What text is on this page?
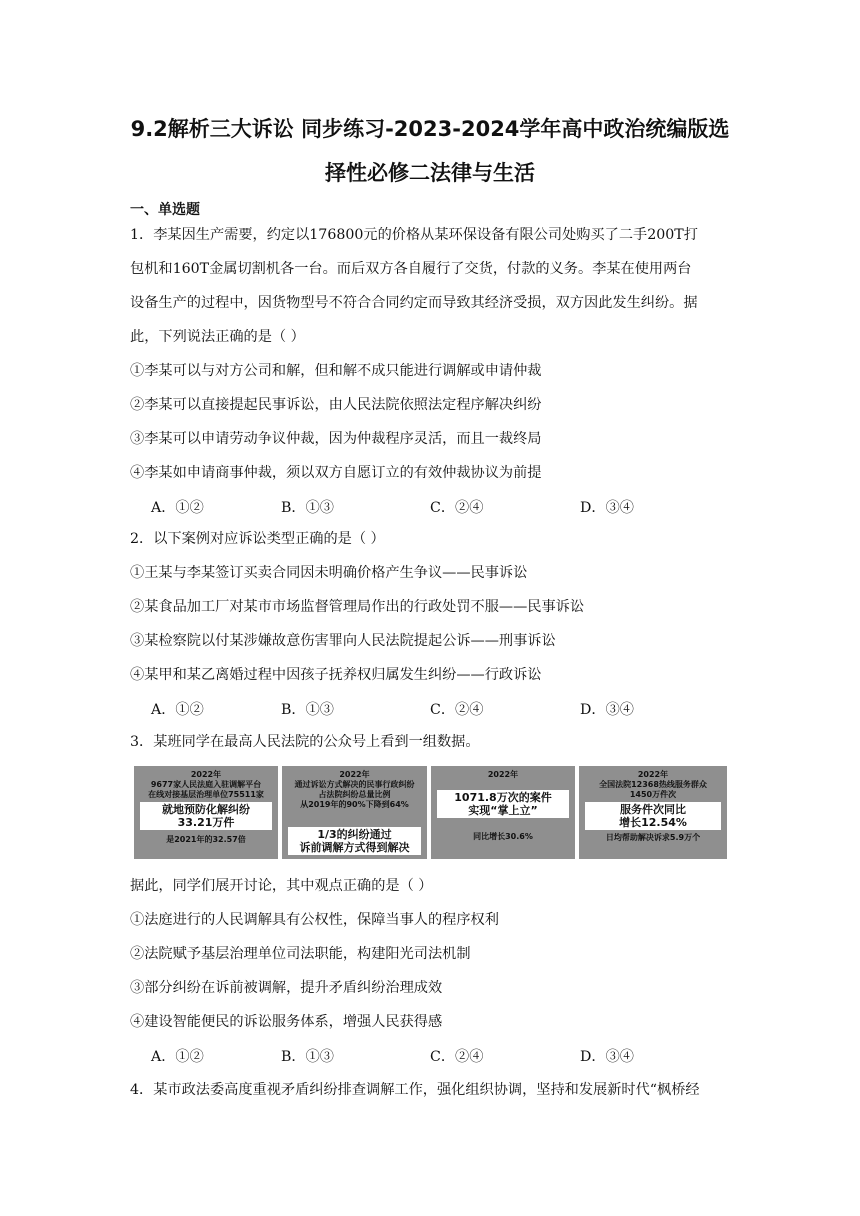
9.2解析三大诉讼 同步练习-2023-2024学年高中政治统编版选
择性必修二法律与生活
一、单选题
1．李某因生产需要，约定以176800元的价格从某环保设备有限公司处购买了二手200T打
包机和160T金属切割机各一台。而后双方各自履行了交货，付款的义务。李某在使用两台
设备生产的过程中，因货物型号不符合合同约定而导致其经济受损，双方因此发生纠纷。据
此，下列说法正确的是（ ）
①李某可以与对方公司和解，但和解不成只能进行调解或申请仲裁
②李某可以直接提起民事诉讼，由人民法院依照法定程序解决纠纷
③李某可以申请劳动争议仲裁，因为仲裁程序灵活，而且一裁终局
④李某如申请商事仲裁，须以双方自愿订立的有效仲裁协议为前提
A．①②	B．①③	C．②④	D．③④
2．以下案例对应诉讼类型正确的是（ ）
①王某与李某签订买卖合同因未明确价格产生争议——民事诉讼
②某食品加工厂对某市市场监督管理局作出的行政处罚不服——民事诉讼
③某检察院以付某涉嫌故意伤害罪向人民法院提起公诉——刑事诉讼
④某甲和某乙离婚过程中因孩子抚养权归属发生纠纷——行政诉讼
A．①②	B．①③	C．②④	D．③④
3．某班同学在最高人民法院的公众号上看到一组数据。
2022年
9677家人民法庭入驻调解平台
在线对接基层治理单位75511家
就地预防化解纠纷
33.21万件
是2021年的32.57倍
2022年
通过诉讼方式解决的民事行政纠纷
占法院纠纷总量比例
从2019年的90%下降到64%
1/3的纠纷通过
诉前调解方式得到解决
2022年
1071.8万次的案件
实现“掌上立”
同比增长30.6%
2022年
全国法院12368热线服务群众
1450万件次
服务件次同比
增长12.54%
日均帮助解决诉求5.9万个
据此，同学们展开讨论，其中观点正确的是（ ）
①法庭进行的人民调解具有公权性，保障当事人的程序权利
②法院赋予基层治理单位司法职能，构建阳光司法机制
③部分纠纷在诉前被调解，提升矛盾纠纷治理成效
④建设智能便民的诉讼服务体系，增强人民获得感
A．①②	B．①③	C．②④	D．③④
4．某市政法委高度重视矛盾纠纷排查调解工作，强化组织协调，坚持和发展新时代“枫桥经
